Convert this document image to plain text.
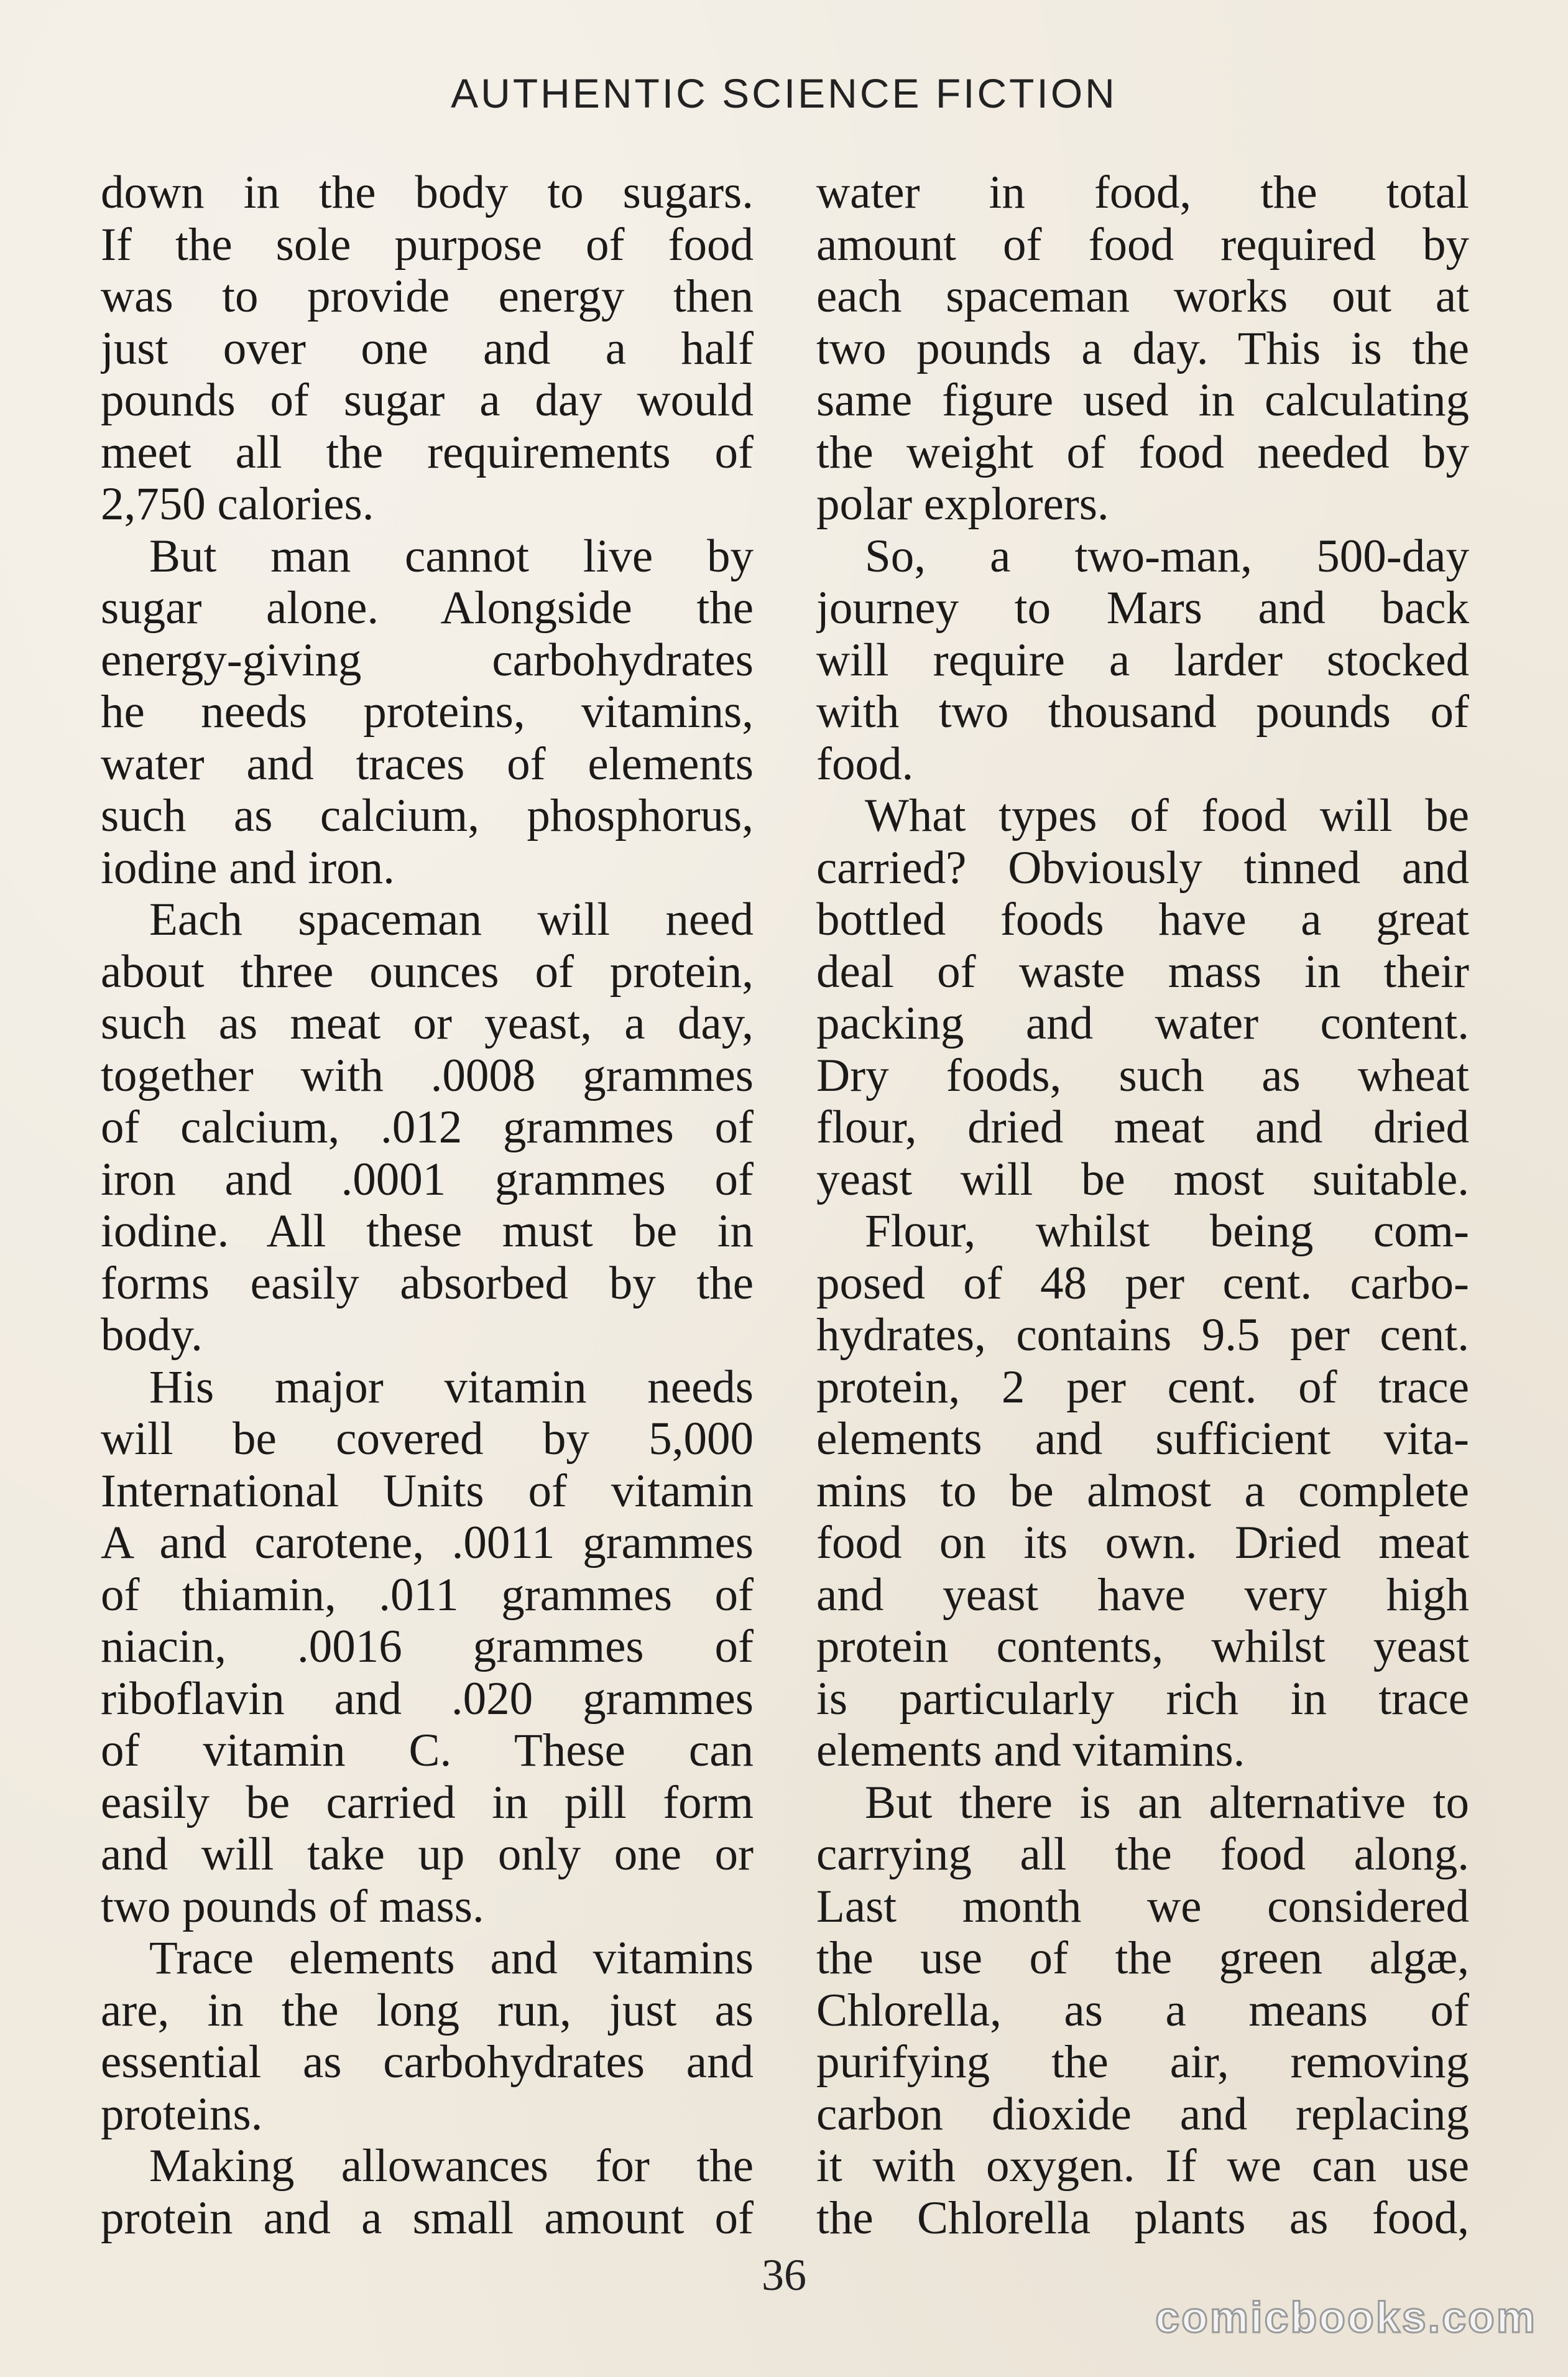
AUTHENTIC SCIENCE FICTION
down in the body to sugars.
If the sole purpose of food
was to provide energy then
just over one and a half
pounds of sugar a day would
meet all the requirements of
2,750 calories.
But man cannot live by
sugar alone. Alongside the
energy-giving carbohydrates
he needs proteins, vitamins,
water and traces of elements
such as calcium, phosphorus,
iodine and iron.
Each spaceman will need
about three ounces of protein,
such as meat or yeast, a day,
together with .0008 grammes
of calcium, .012 grammes of
iron and .0001 grammes of
iodine. All these must be in
forms easily absorbed by the
body.
His major vitamin needs
will be covered by 5,000
International Units of vitamin
A and carotene, .0011 grammes
of thiamin, .011 grammes of
niacin, .0016 grammes of
riboflavin and .020 grammes
of vitamin C. These can
easily be carried in pill form
and will take up only one or
two pounds of mass.
Trace elements and vitamins
are, in the long run, just as
essential as carbohydrates and
proteins.
Making allowances for the
protein and a small amount of
water in food, the total
amount of food required by
each spaceman works out at
two pounds a day. This is the
same figure used in calculating
the weight of food needed by
polar explorers.
So, a two-man, 500-day
journey to Mars and back
will require a larder stocked
with two thousand pounds of
food.
What types of food will be
carried? Obviously tinned and
bottled foods have a great
deal of waste mass in their
packing and water content.
Dry foods, such as wheat
flour, dried meat and dried
yeast will be most suitable.
Flour, whilst being com-
posed of 48 per cent. carbo-
hydrates, contains 9.5 per cent.
protein, 2 per cent. of trace
elements and sufficient vita-
mins to be almost a complete
food on its own. Dried meat
and yeast have very high
protein contents, whilst yeast
is particularly rich in trace
elements and vitamins.
But there is an alternative to
carrying all the food along.
Last month we considered
the use of the green algæ,
Chlorella, as a means of
purifying the air, removing
carbon dioxide and replacing
it with oxygen. If we can use
the Chlorella plants as food,
36
comicbooks.com
